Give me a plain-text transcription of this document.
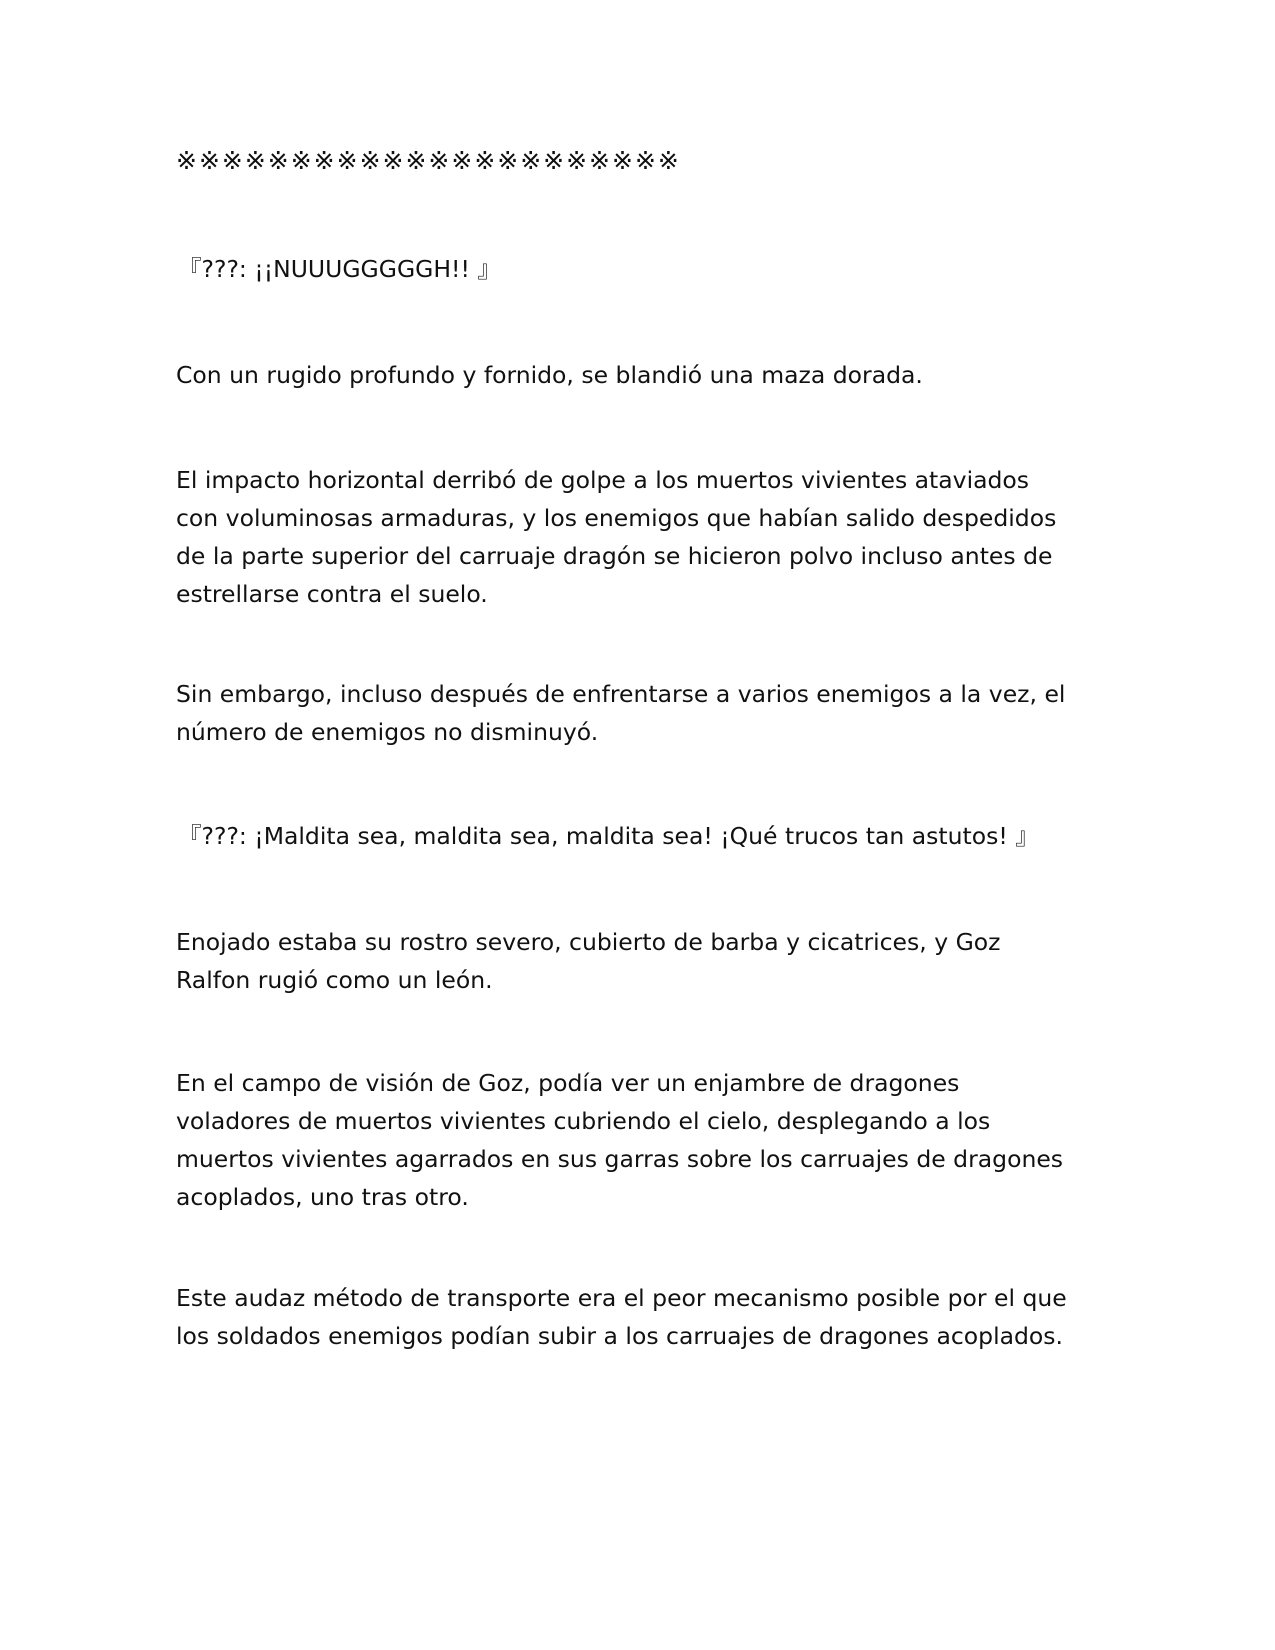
※※※※※※※※※※※※※※※※※※※※※※

『???: ¡¡NUUUGGGGGH!! 』

Con un rugido profundo y fornido, se blandió una maza dorada.

El impacto horizontal derribó de golpe a los muertos vivientes ataviados con voluminosas armaduras, y los enemigos que habían salido despedidos de la parte superior del carruaje dragón se hicieron polvo incluso antes de estrellarse contra el suelo.

Sin embargo, incluso después de enfrentarse a varios enemigos a la vez, el número de enemigos no disminuyó.

『???: ¡Maldita sea, maldita sea, maldita sea! ¡Qué trucos tan astutos! 』

Enojado estaba su rostro severo, cubierto de barba y cicatrices, y Goz Ralfon rugió como un león.

En el campo de visión de Goz, podía ver un enjambre de dragones voladores de muertos vivientes cubriendo el cielo, desplegando a los muertos vivientes agarrados en sus garras sobre los carruajes de dragones acoplados, uno tras otro.

Este audaz método de transporte era el peor mecanismo posible por el que los soldados enemigos podían subir a los carruajes de dragones acoplados.
